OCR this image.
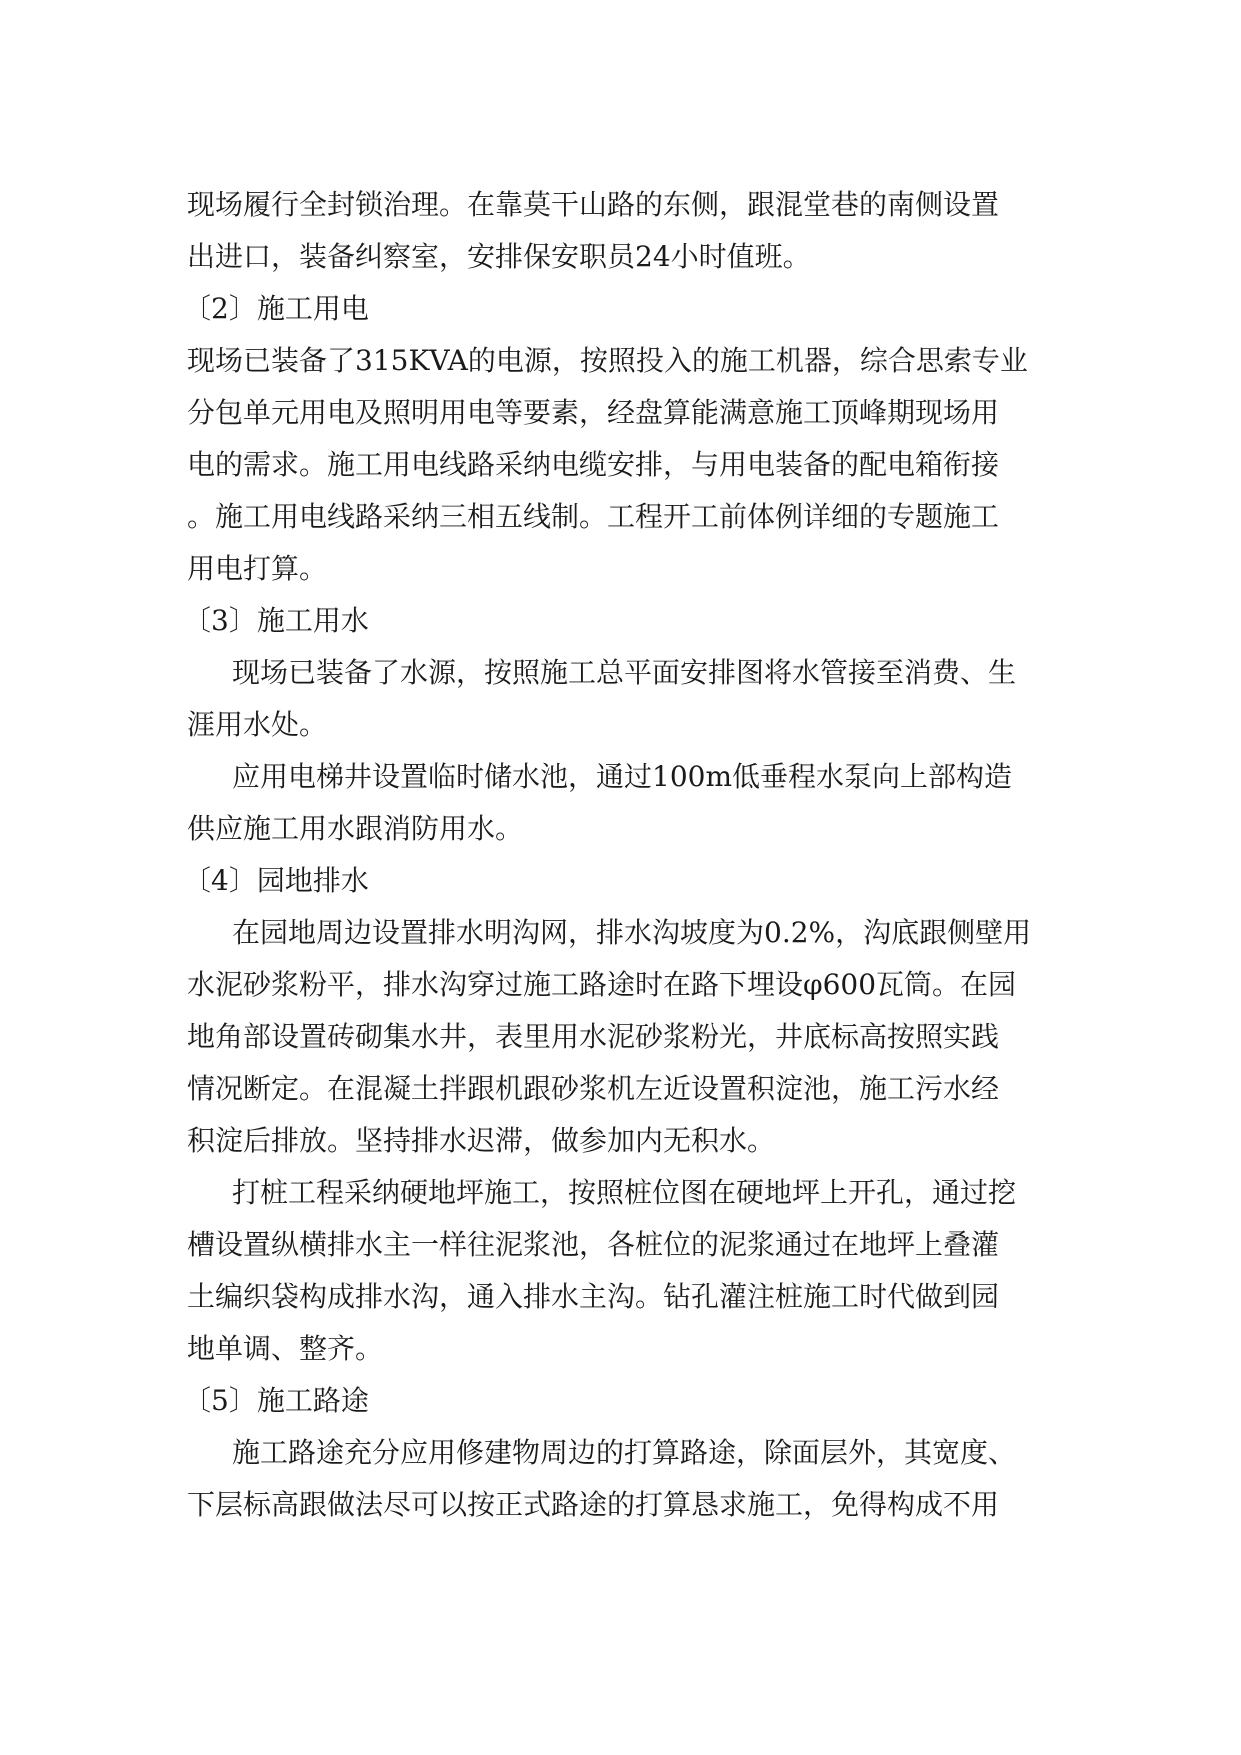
现场履行全封锁治理。在靠莫干山路的东侧，跟混堂巷的南侧设置
出进口，装备纠察室，安排保安职员24小时值班。
〔2〕施工用电
现场已装备了315KVA的电源，按照投入的施工机器，综合思索专业
分包单元用电及照明用电等要素，经盘算能满意施工顶峰期现场用
电的需求。施工用电线路采纳电缆安排，与用电装备的配电箱衔接
。施工用电线路采纳三相五线制。工程开工前体例详细的专题施工
用电打算。
〔3〕施工用水
现场已装备了水源，按照施工总平面安排图将水管接至消费、生
涯用水处。
应用电梯井设置临时储水池，通过100m低垂程水泵向上部构造
供应施工用水跟消防用水。
〔4〕园地排水
在园地周边设置排水明沟网，排水沟坡度为0.2%，沟底跟侧壁用
水泥砂浆粉平，排水沟穿过施工路途时在路下埋设φ600瓦筒。在园
地角部设置砖砌集水井，表里用水泥砂浆粉光，井底标高按照实践
情况断定。在混凝土拌跟机跟砂浆机左近设置积淀池，施工污水经
积淀后排放。坚持排水迟滞，做参加内无积水。
打桩工程采纳硬地坪施工，按照桩位图在硬地坪上开孔，通过挖
槽设置纵横排水主一样往泥浆池，各桩位的泥浆通过在地坪上叠灌
土编织袋构成排水沟，通入排水主沟。钻孔灌注桩施工时代做到园
地单调、整齐。
〔5〕施工路途
施工路途充分应用修建物周边的打算路途，除面层外，其宽度、
下层标高跟做法尽可以按正式路途的打算恳求施工，免得构成不用
